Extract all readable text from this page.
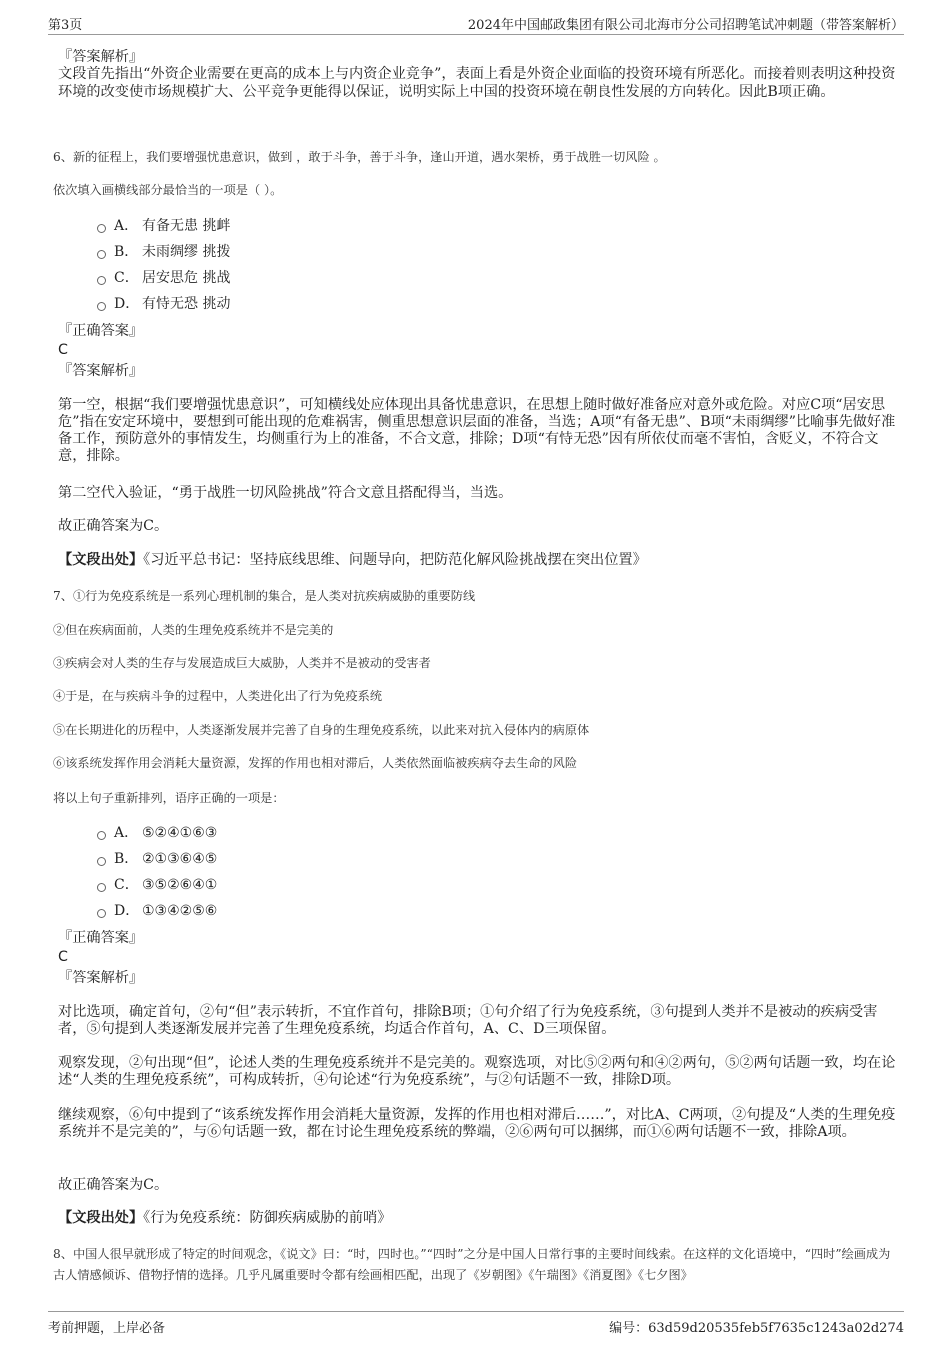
第3页	2024年中国邮政集团有限公司北海市分公司招聘笔试冲刺题（带答案解析）
『答案解析』
文段首先指出“外资企业需要在更高的成本上与内资企业竞争”，表面上看是外资企业面临的投资环境有所恶化。而接着则表明这种投资环境的改变使市场规模扩大、公平竞争更能得以保证，说明实际上中国的投资环境在朝良性发展的方向转化。因此B项正确。
6、新的征程上，我们要增强忧患意识，做到 ，敢于斗争，善于斗争，逢山开道，遇水架桥，勇于战胜一切风险 。
依次填入画横线部分最恰当的一项是（ ）。
A． 有备无患 挑衅
B． 未雨绸缪 挑拨
C． 居安思危 挑战
D． 有恃无恐 挑动
『正确答案』
C
『答案解析』
第一空，根据“我们要增强忧患意识”，可知横线处应体现出具备忧患意识，在思想上随时做好准备应对意外或危险。对应C项“居安思危”指在安定环境中，要想到可能出现的危难祸害，侧重思想意识层面的准备，当选；A项“有备无患”、B项“未雨绸缪”比喻事先做好准备工作，预防意外的事情发生，均侧重行为上的准备，不合文意，排除；D项“有恃无恐”因有所依仗而毫不害怕，含贬义，不符合文意，排除。
第二空代入验证，“勇于战胜一切风险挑战”符合文意且搭配得当，当选。
故正确答案为C。
【文段出处】《习近平总书记：坚持底线思维、问题导向，把防范化解风险挑战摆在突出位置》
7、①行为免疫系统是一系列心理机制的集合，是人类对抗疾病威胁的重要防线
②但在疾病面前，人类的生理免疫系统并不是完美的
③疾病会对人类的生存与发展造成巨大威胁，人类并不是被动的受害者
④于是，在与疾病斗争的过程中，人类进化出了行为免疫系统
⑤在长期进化的历程中，人类逐渐发展并完善了自身的生理免疫系统，以此来对抗入侵体内的病原体
⑥该系统发挥作用会消耗大量资源，发挥的作用也相对滞后，人类依然面临被疾病夺去生命的风险
将以上句子重新排列，语序正确的一项是：
A． ⑤②④①⑥③
B． ②①③⑥④⑤
C． ③⑤②⑥④①
D． ①③④②⑤⑥
『正确答案』
C
『答案解析』
对比选项，确定首句，②句“但”表示转折，不宜作首句，排除B项；①句介绍了行为免疫系统，③句提到人类并不是被动的疾病受害者，⑤句提到人类逐渐发展并完善了生理免疫系统，均适合作首句，A、C、D三项保留。
观察发现，②句出现“但”，论述人类的生理免疫系统并不是完美的。观察选项，对比⑤②两句和④②两句，⑤②两句话题一致，均在论述“人类的生理免疫系统”，可构成转折，④句论述“行为免疫系统”，与②句话题不一致，排除D项。
继续观察，⑥句中提到了“该系统发挥作用会消耗大量资源，发挥的作用也相对滞后……”，对比A、C两项，②句提及“人类的生理免疫系统并不是完美的”，与⑥句话题一致，都在讨论生理免疫系统的弊端，②⑥两句可以捆绑，而①⑥两句话题不一致，排除A项。
故正确答案为C。
【文段出处】《行为免疫系统：防御疾病威胁的前哨》
8、中国人很早就形成了特定的时间观念，《说文》曰：“时，四时也。”“四时”之分是中国人日常行事的主要时间线索。在这样的文化语境中，“四时”绘画成为古人情感倾诉、借物抒情的选择。几乎凡属重要时令都有绘画相匹配，出现了《岁朝图》《午瑞图》《消夏图》《七夕图》
考前押题，上岸必备	编号：63d59d20535feb5f7635c1243a02d274
